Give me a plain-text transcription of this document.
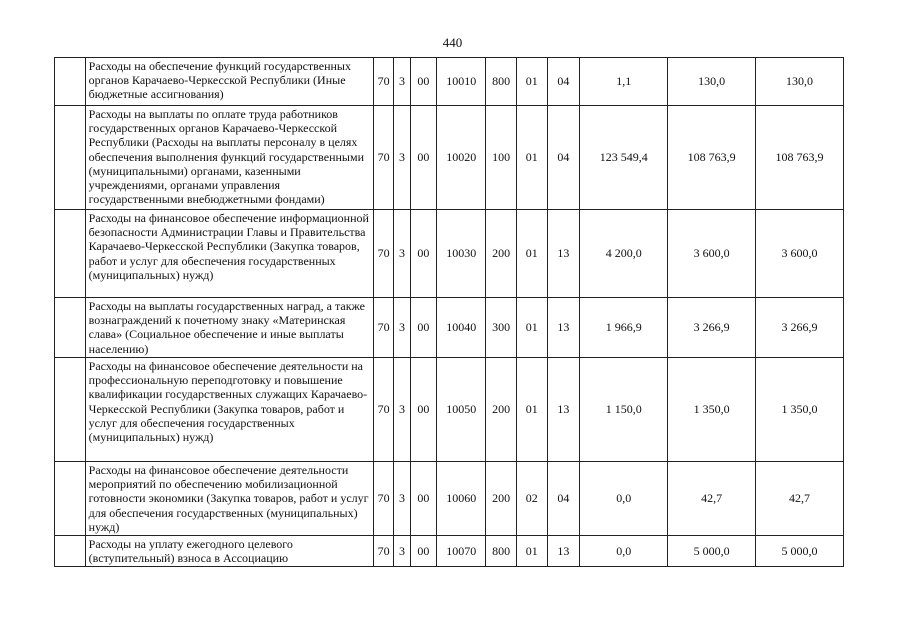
440
	Расходы на обеспечение функций государственных органов Карачаево-Черкесской Республики (Иные бюджетные ассигнования)	70	3	00	10010	800	01	04	1,1	130,0	130,0
	Расходы на выплаты по оплате труда работников государственных органов Карачаево-Черкесской Республики (Расходы на выплаты персоналу в целях обеспечения выполнения функций государственными (муниципальными) органами, казенными учреждениями, органами управления государственными внебюджетными фондами)	70	3	00	10020	100	01	04	123 549,4	108 763,9	108 763,9
	Расходы на финансовое обеспечение информационной безопасности Администрации Главы и Правительства Карачаево-Черкесской Республики (Закупка товаров, работ и услуг для обеспечения государственных (муниципальных) нужд)	70	3	00	10030	200	01	13	4 200,0	3 600,0	3 600,0
	Расходы на выплаты государственных наград, а также вознаграждений к почетному знаку «Материнская слава» (Социальное обеспечение и иные выплаты населению)	70	3	00	10040	300	01	13	1 966,9	3 266,9	3 266,9
	Расходы на финансовое обеспечение деятельности на профессиональную переподготовку и повышение квалификации государственных служащих Карачаево-Черкесской Республики (Закупка товаров, работ и услуг для обеспечения государственных (муниципальных) нужд)	70	3	00	10050	200	01	13	1 150,0	1 350,0	1 350,0
	Расходы на финансовое обеспечение деятельности мероприятий по обеспечению мобилизационной готовности экономики (Закупка товаров, работ и услуг для обеспечения государственных (муниципальных) нужд)	70	3	00	10060	200	02	04	0,0	42,7	42,7
	Расходы на уплату ежегодного целевого (вступительный) взноса в Ассоциацию	70	3	00	10070	800	01	13	0,0	5 000,0	5 000,0
